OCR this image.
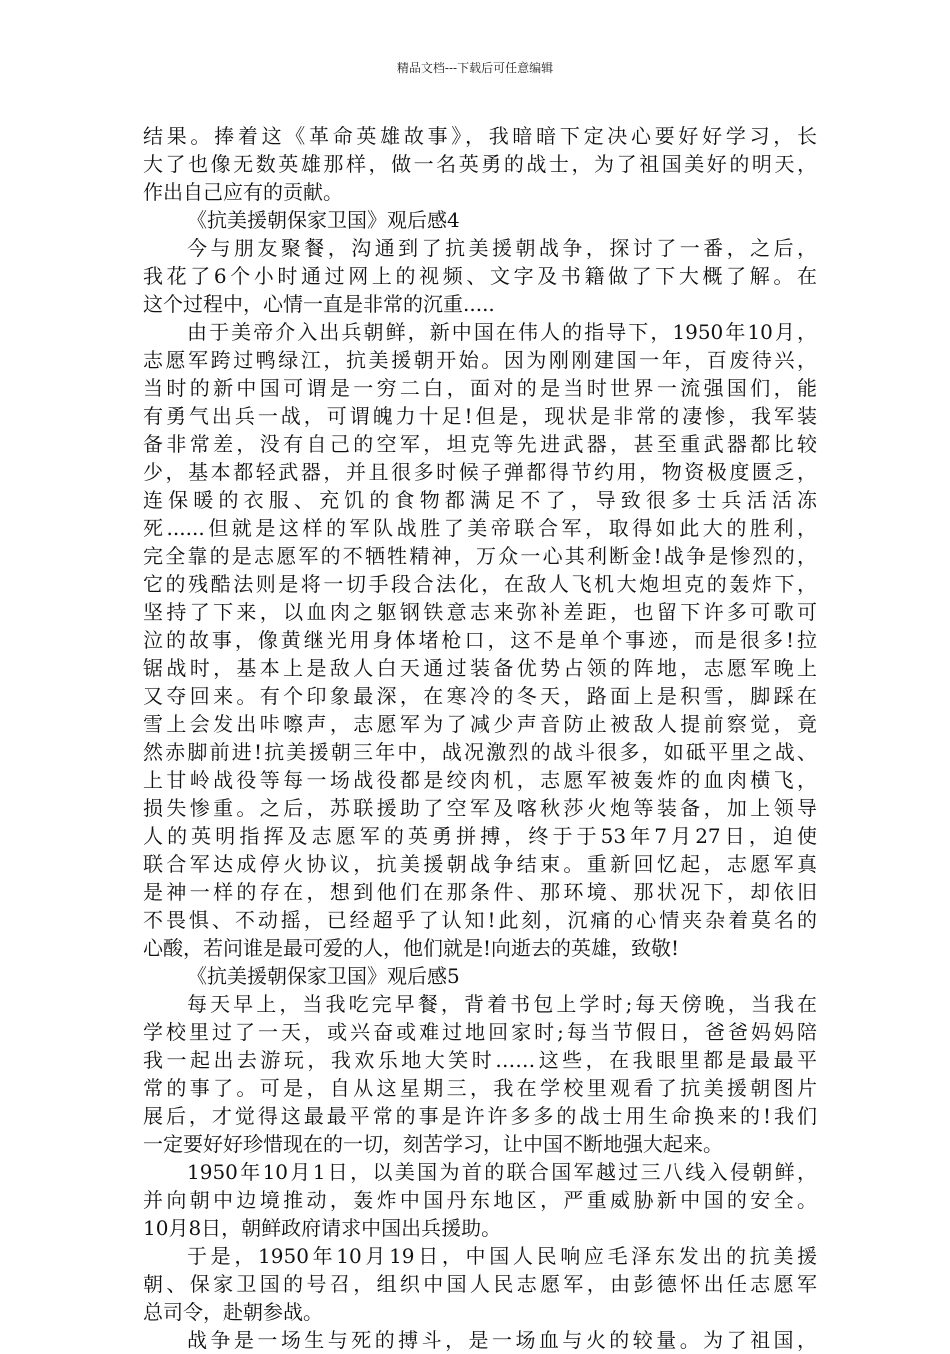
精品文档---下载后可任意编辑
结果。捧着这《革命英雄故事》，我暗暗下定决心要好好学习，长
大了也像无数英雄那样，做一名英勇的战士，为了祖国美好的明天，
作出自己应有的贡献。
《抗美援朝保家卫国》观后感4
今与朋友聚餐，沟通到了抗美援朝战争，探讨了一番，之后，
我花了6个小时通过网上的视频、文字及书籍做了下大概了解。在
这个过程中，心情一直是非常的沉重.....
由于美帝介入出兵朝鲜，新中国在伟人的指导下，1950年10月，
志愿军跨过鸭绿江，抗美援朝开始。因为刚刚建国一年，百废待兴，
当时的新中国可谓是一穷二白，面对的是当时世界一流强国们，能
有勇气出兵一战，可谓魄力十足!但是，现状是非常的凄惨，我军装
备非常差，没有自己的空军，坦克等先进武器，甚至重武器都比较
少，基本都轻武器，并且很多时候子弹都得节约用，物资极度匮乏，
连保暖的衣服、充饥的食物都满足不了，导致很多士兵活活冻
死......但就是这样的军队战胜了美帝联合军，取得如此大的胜利，
完全靠的是志愿军的不牺牲精神，万众一心其利断金!战争是惨烈的，
它的残酷法则是将一切手段合法化，在敌人飞机大炮坦克的轰炸下，
坚持了下来，以血肉之躯钢铁意志来弥补差距，也留下许多可歌可
泣的故事，像黄继光用身体堵枪口，这不是单个事迹，而是很多!拉
锯战时，基本上是敌人白天通过装备优势占领的阵地，志愿军晚上
又夺回来。有个印象最深，在寒冷的冬天，路面上是积雪，脚踩在
雪上会发出咔嚓声，志愿军为了减少声音防止被敌人提前察觉，竟
然赤脚前进!抗美援朝三年中，战况激烈的战斗很多，如砥平里之战、
上甘岭战役等每一场战役都是绞肉机，志愿军被轰炸的血肉横飞，
损失惨重。之后，苏联援助了空军及喀秋莎火炮等装备，加上领导
人的英明指挥及志愿军的英勇拼搏，终于于53年7月27日，迫使
联合军达成停火协议，抗美援朝战争结束。重新回忆起，志愿军真
是神一样的存在，想到他们在那条件、那环境、那状况下，却依旧
不畏惧、不动摇，已经超乎了认知!此刻，沉痛的心情夹杂着莫名的
心酸，若问谁是最可爱的人，他们就是!向逝去的英雄，致敬!
《抗美援朝保家卫国》观后感5
每天早上，当我吃完早餐，背着书包上学时;每天傍晚，当我在
学校里过了一天，或兴奋或难过地回家时;每当节假日，爸爸妈妈陪
我一起出去游玩，我欢乐地大笑时……这些，在我眼里都是最最平
常的事了。可是，自从这星期三，我在学校里观看了抗美援朝图片
展后，才觉得这最最平常的事是许许多多的战士用生命换来的!我们
一定要好好珍惜现在的一切，刻苦学习，让中国不断地强大起来。
1950年10月1日，以美国为首的联合国军越过三八线入侵朝鲜，
并向朝中边境推动，轰炸中国丹东地区，严重威胁新中国的安全。
10月8日，朝鲜政府请求中国出兵援助。
于是，1950年10月19日，中国人民响应毛泽东发出的抗美援
朝、保家卫国的号召，组织中国人民志愿军，由彭德怀出任志愿军
总司令，赴朝参战。
战争是一场生与死的搏斗，是一场血与火的较量。为了祖国，
